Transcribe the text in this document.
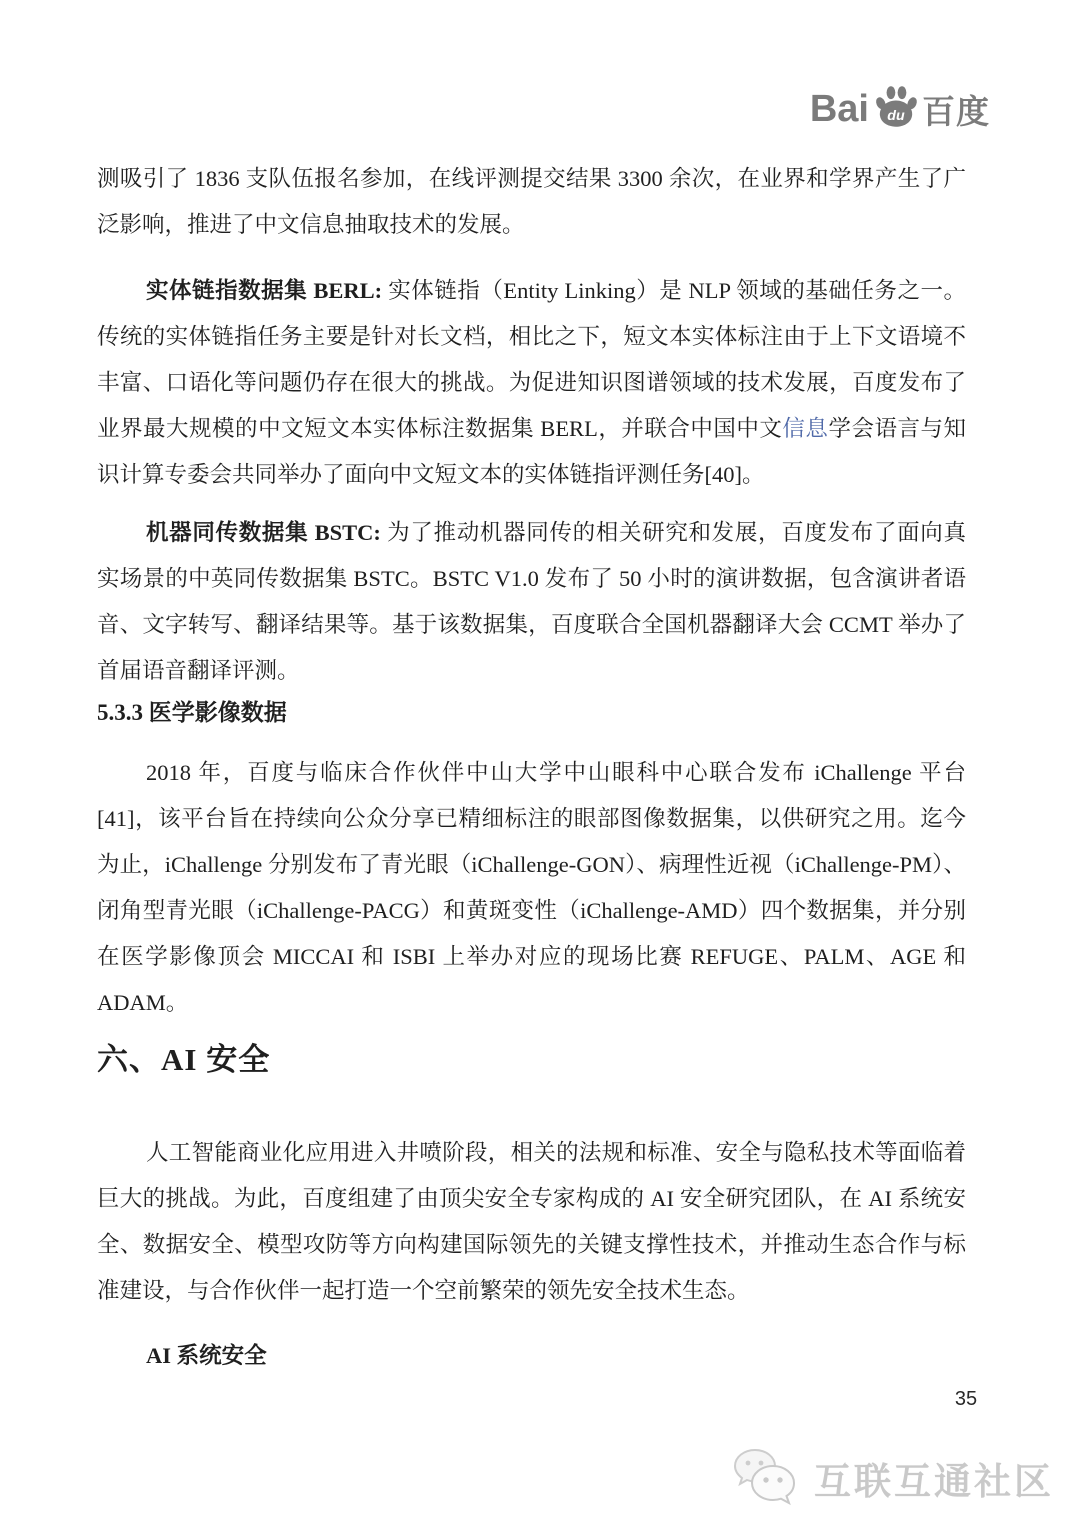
Bai du 百度

测吸引了 1836 支队伍报名参加，在线评测提交结果 3300 余次，在业界和学界产生了广泛影响，推进了中文信息抽取技术的发展。

实体链指数据集 BERL: 实体链指（Entity Linking）是 NLP 领域的基础任务之一。传统的实体链指任务主要是针对长文档，相比之下，短文本实体标注由于上下文语境不丰富、口语化等问题仍存在很大的挑战。为促进知识图谱领域的技术发展，百度发布了业界最大规模的中文短文本实体标注数据集 BERL，并联合中国中文信息学会语言与知识计算专委会共同举办了面向中文短文本的实体链指评测任务[40]。

机器同传数据集 BSTC: 为了推动机器同传的相关研究和发展，百度发布了面向真实场景的中英同传数据集 BSTC。BSTC V1.0 发布了 50 小时的演讲数据，包含演讲者语音、文字转写、翻译结果等。基于该数据集，百度联合全国机器翻译大会 CCMT 举办了首届语音翻译评测。

5.3.3 医学影像数据

2018 年，百度与临床合作伙伴中山大学中山眼科中心联合发布 iChallenge 平台[41]，该平台旨在持续向公众分享已精细标注的眼部图像数据集，以供研究之用。迄今为止，iChallenge 分别发布了青光眼（iChallenge-GON）、病理性近视（iChallenge-PM）、闭角型青光眼（iChallenge-PACG）和黄斑变性（iChallenge-AMD）四个数据集，并分别在医学影像顶会 MICCAI 和 ISBI 上举办对应的现场比赛 REFUGE、PALM、AGE 和 ADAM。

六、AI 安全

人工智能商业化应用进入井喷阶段，相关的法规和标准、安全与隐私技术等面临着巨大的挑战。为此，百度组建了由顶尖安全专家构成的 AI 安全研究团队，在 AI 系统安全、数据安全、模型攻防等方向构建国际领先的关键支撑性技术，并推动生态合作与标准建设，与合作伙伴一起打造一个空前繁荣的领先安全技术生态。

AI 系统安全
35
互联互通社区
